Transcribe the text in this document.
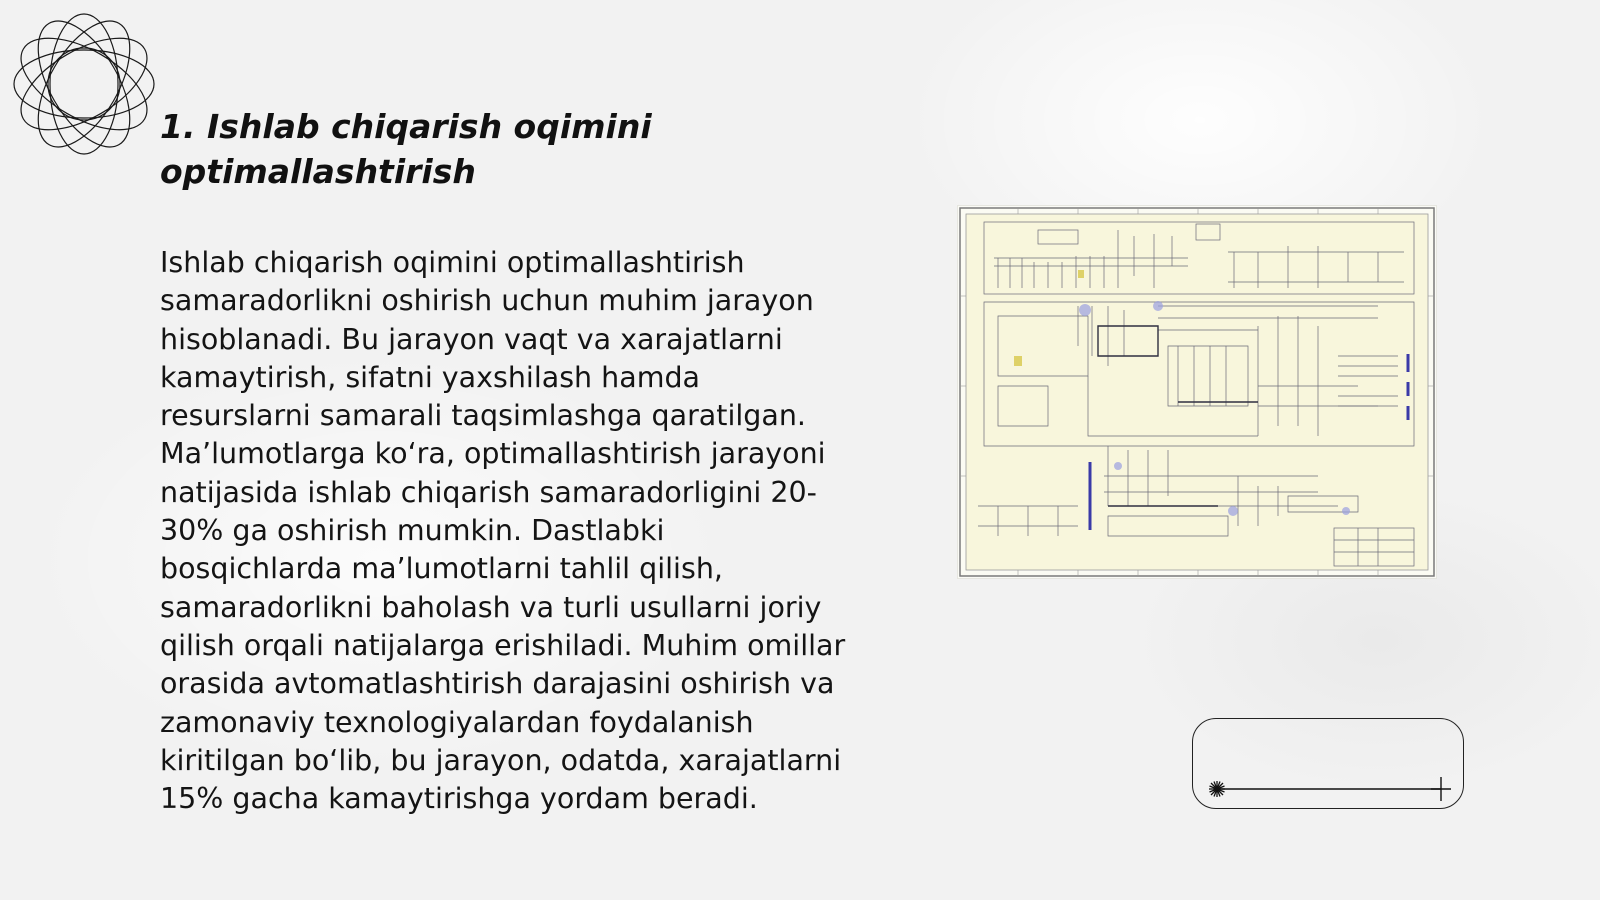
1. Ishlab chiqarish oqimini optimallashtirish

Ishlab chiqarish oqimini optimallashtirish samaradorlikni oshirish uchun muhim jarayon hisoblanadi. Bu jarayon vaqt va xarajatlarni kamaytirish, sifatni yaxshilash hamda resurslarni samarali taqsimlashga qaratilgan. Ma’lumotlarga ko‘ra, optimallashtirish jarayoni natijasida ishlab chiqarish samaradorligini 20-30% ga oshirish mumkin. Dastlabki bosqichlarda ma’lumotlarni tahlil qilish, samaradorlikni baholash va turli usullarni joriy qilish orqali natijalarga erishiladi. Muhim omillar orasida avtomatlashtirish darajasini oshirish va zamonaviy texnologiyalardan foydalanish kiritilgan bo‘lib, bu jarayon, odatda, xarajatlarni 15% gacha kamaytirishga yordam beradi.
